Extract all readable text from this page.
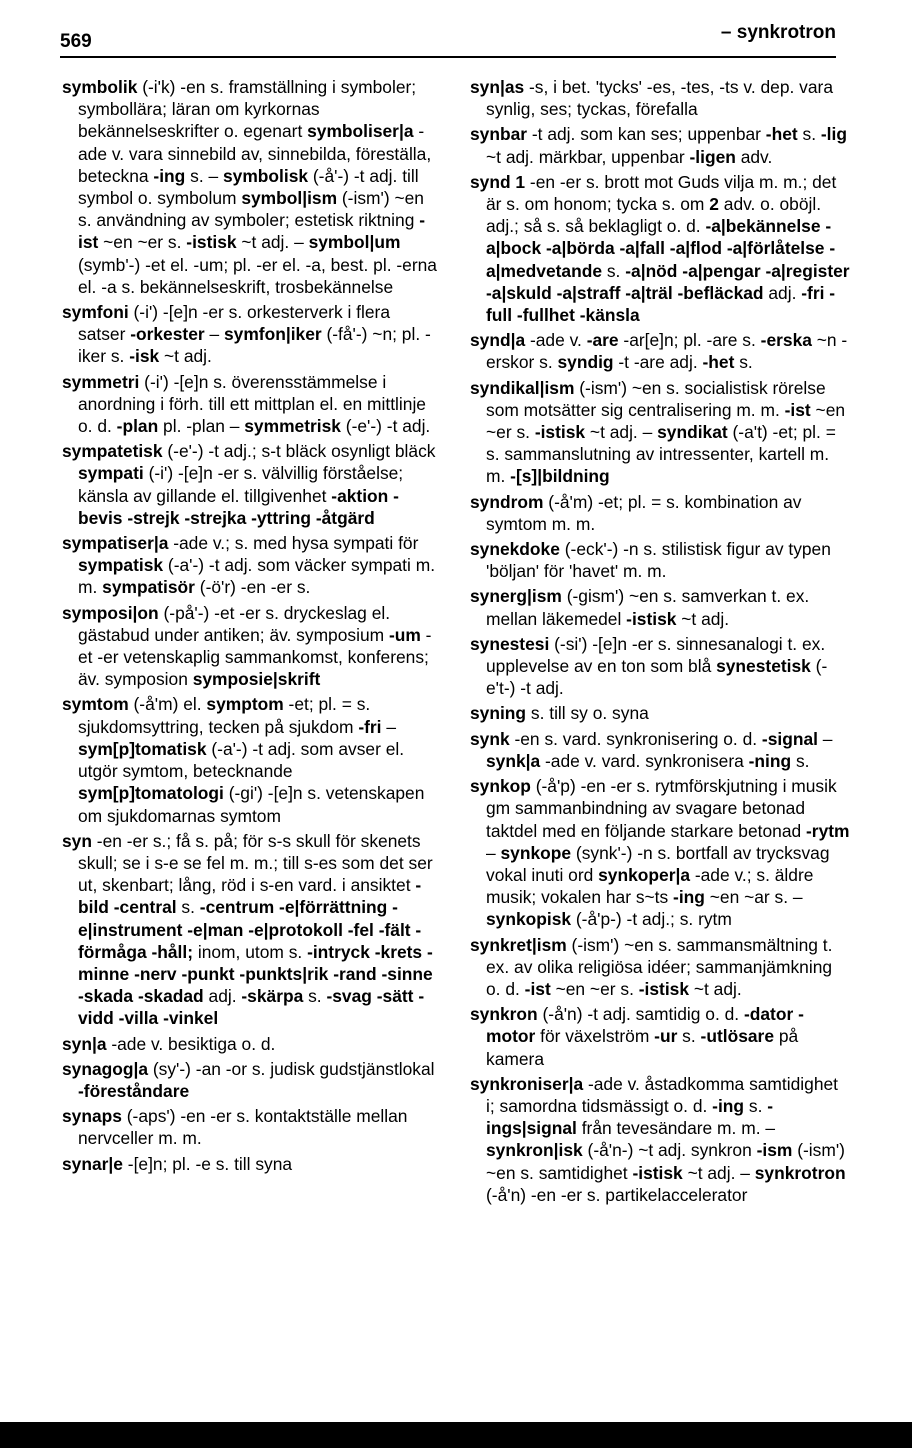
569	– synkrotron

symbolik (-i'k) -en s. framställning i symboler; symbollära; läran om kyrkornas bekännelseskrifter o. egenart symboliser|a -ade v. vara sinnebild av, sinnebilda, föreställa, beteckna -ing s. – symbolisk (-å'-) -t adj. till symbol o. symbolum symbol|ism (-ism') ~en s. användning av symboler; estetisk riktning -ist ~en ~er s. -istisk ~t adj. – symbol|um (symb'-) -et el. -um; pl. -er el. -a, best. pl. -erna el. -a s. bekännelseskrift, trosbekännelse

symfoni (-i') -[e]n -er s. orkesterverk i flera satser -orkester – symfon|iker (-få'-) ~n; pl. -iker s. -isk ~t adj.

symmetri (-i') -[e]n s. överensstämmelse i anordning i förh. till ett mittplan el. en mittlinje o. d. -plan pl. -plan – symmetrisk (-e'-) -t adj.

sympatetisk (-e'-) -t adj.; s-t bläck osynligt bläck sympati (-i') -[e]n -er s. välvillig förståelse; känsla av gillande el. tillgivenhet -aktion -bevis -strejk -strejka -yttring -åtgärd

sympatiser|a -ade v.; s. med hysa sympati för sympatisk (-a'-) -t adj. som väcker sympati m. m. sympatisör (-ö'r) -en -er s.

symposi|on (-på'-) -et -er s. dryckeslag el. gästabud under antiken; äv. symposium -um -et -er vetenskaplig sammankomst, konferens; äv. symposion symposie|skrift

symtom (-å'm) el. symptom -et; pl. = s. sjukdomsyttring, tecken på sjukdom -fri – sym[p]tomatisk (-a'-) -t adj. som avser el. utgör symtom, betecknande sym[p]tomatologi (-gi') -[e]n s. vetenskapen om sjukdomarnas symtom

syn -en -er s.; få s. på; för s-s skull för skenets skull; se i s-e se fel m. m.; till s-es som det ser ut, skenbart; lång, röd i s-en vard. i ansiktet -bild -central s. -centrum -e|förrättning -e|instrument -e|man -e|protokoll -fel -fält -förmåga -håll; inom, utom s. -intryck -krets -minne -nerv -punkt -punkts|rik -rand -sinne -skada -skadad adj. -skärpa s. -svag -sätt -vidd -villa -vinkel

syn|a -ade v. besiktiga o. d.

synagog|a (sy'-) -an -or s. judisk gudstjänstlokal -föreståndare

synaps (-aps') -en -er s. kontaktställe mellan nervceller m. m.

synar|e -[e]n; pl. -e s. till syna

syn|as -s, i bet. 'tycks' -es, -tes, -ts v. dep. vara synlig, ses; tyckas, förefalla

synbar -t adj. som kan ses; uppenbar -het s. -lig ~t adj. märkbar, uppenbar -ligen adv.

synd 1 -en -er s. brott mot Guds vilja m. m.; det är s. om honom; tycka s. om 2 adv. o. oböjl. adj.; så s. så beklagligt o. d. -a|bekännelse -a|bock -a|börda -a|fall -a|flod -a|förlåtelse -a|medvetande s. -a|nöd -a|pengar -a|register -a|skuld -a|straff -a|träl -befläckad adj. -fri -full -fullhet -känsla

synd|a -ade v. -are -ar[e]n; pl. -are s. -erska ~n -erskor s. syndig -t -are adj. -het s.

syndikal|ism (-ism') ~en s. socialistisk rörelse som motsätter sig centralisering m. m. -ist ~en ~er s. -istisk ~t adj. – syndikat (-a't) -et; pl. = s. sammanslutning av intressenter, kartell m. m. -[s]|bildning

syndrom (-å'm) -et; pl. = s. kombination av symtom m. m.

synekdoke (-eck'-) -n s. stilistisk figur av typen 'böljan' för 'havet' m. m.

synerg|ism (-gism') ~en s. samverkan t. ex. mellan läkemedel -istisk ~t adj.

synestesi (-si') -[e]n -er s. sinnesanalogi t. ex. upplevelse av en ton som blå synestetisk (-e't-) -t adj.

syning s. till sy o. syna

synk -en s. vard. synkronisering o. d. -signal – synk|a -ade v. vard. synkronisera -ning s.

synkop (-å'p) -en -er s. rytmförskjutning i musik gm sammanbindning av svagare betonad taktdel med en följande starkare betonad -rytm – synkope (synk'-) -n s. bortfall av trycksvag vokal inuti ord synkoper|a -ade v.; s. äldre musik; vokalen har s~ts -ing ~en ~ar s. – synkopisk (-å'p-) -t adj.; s. rytm

synkret|ism (-ism') ~en s. sammansmältning t. ex. av olika religiösa idéer; sammanjämkning o. d. -ist ~en ~er s. -istisk ~t adj.

synkron (-å'n) -t adj. samtidig o. d. -dator -motor för växelström -ur s. -utlösare på kamera

synkroniser|a -ade v. åstadkomma samtidighet i; samordna tidsmässigt o. d. -ing s. -ings|signal från tevesändare m. m. – synkron|isk (-å'n-) ~t adj. synkron -ism (-ism') ~en s. samtidighet -istisk ~t adj. – synkrotron (-å'n) -en -er s. partikelaccelerator
